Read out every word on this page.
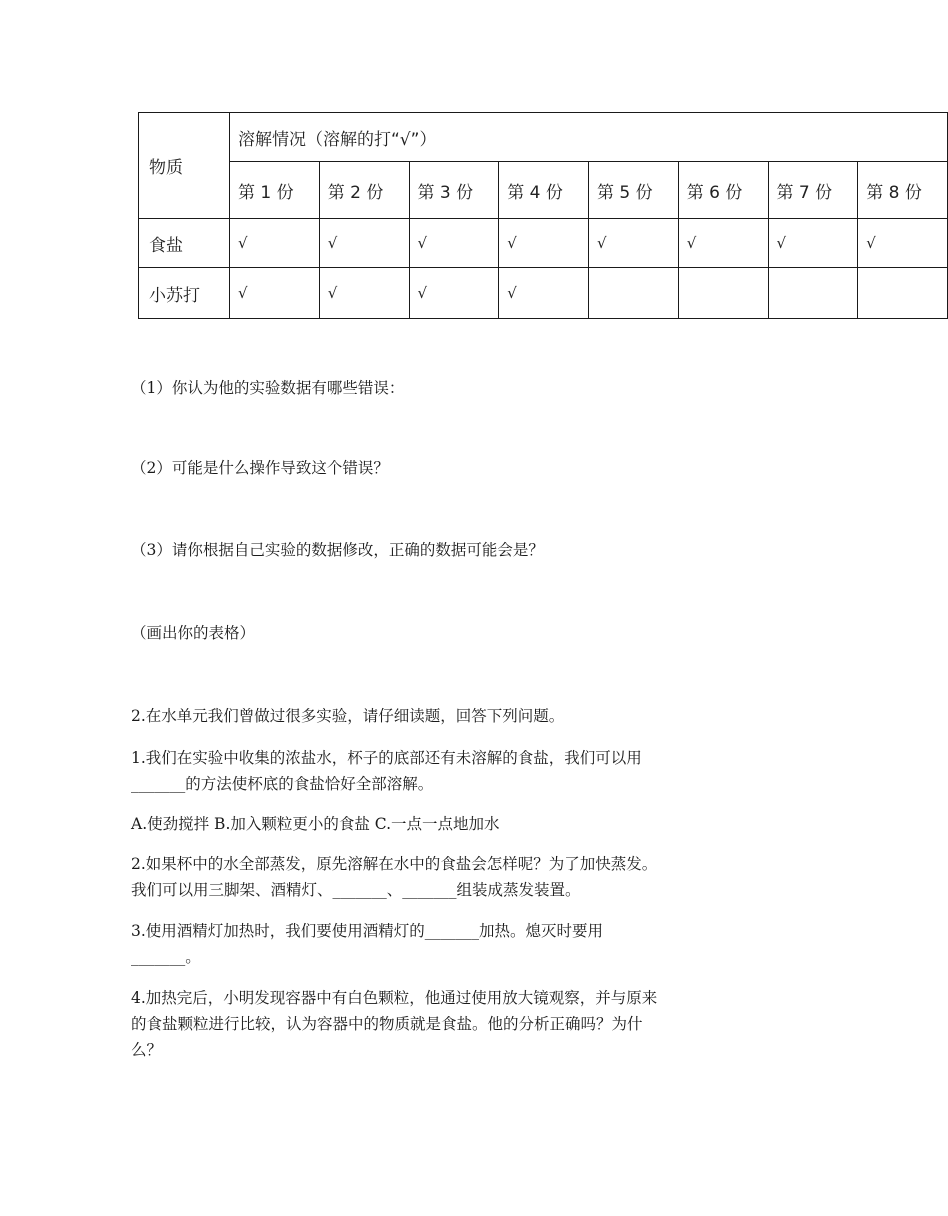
物质	溶解情况（溶解的打“√”）							
	第 1 份	第 2 份	第 3 份	第 4 份	第 5 份	第 6 份	第 7 份	第 8 份
食盐	√	√	√	√	√	√	√	√
小苏打	√	√	√	√				
（1）你认为他的实验数据有哪些错误：
（2）可能是什么操作导致这个错误？
（3）请你根据自己实验的数据修改，正确的数据可能会是？
（画出你的表格）
2.在水单元我们曾做过很多实验，请仔细读题，回答下列问题。
1.我们在实验中收集的浓盐水，杯子的底部还有未溶解的食盐，我们可以用
_______的方法使杯底的食盐恰好全部溶解。
A.使劲搅拌 B.加入颗粒更小的食盐 C.一点一点地加水
2.如果杯中的水全部蒸发，原先溶解在水中的食盐会怎样呢？为了加快蒸发。
我们可以用三脚架、酒精灯、_______、_______组装成蒸发装置。
3.使用酒精灯加热时，我们要使用酒精灯的_______加热。熄灭时要用
_______。
4.加热完后，小明发现容器中有白色颗粒，他通过使用放大镜观察，并与原来
的食盐颗粒进行比较，认为容器中的物质就是食盐。他的分析正确吗？为什
么？
